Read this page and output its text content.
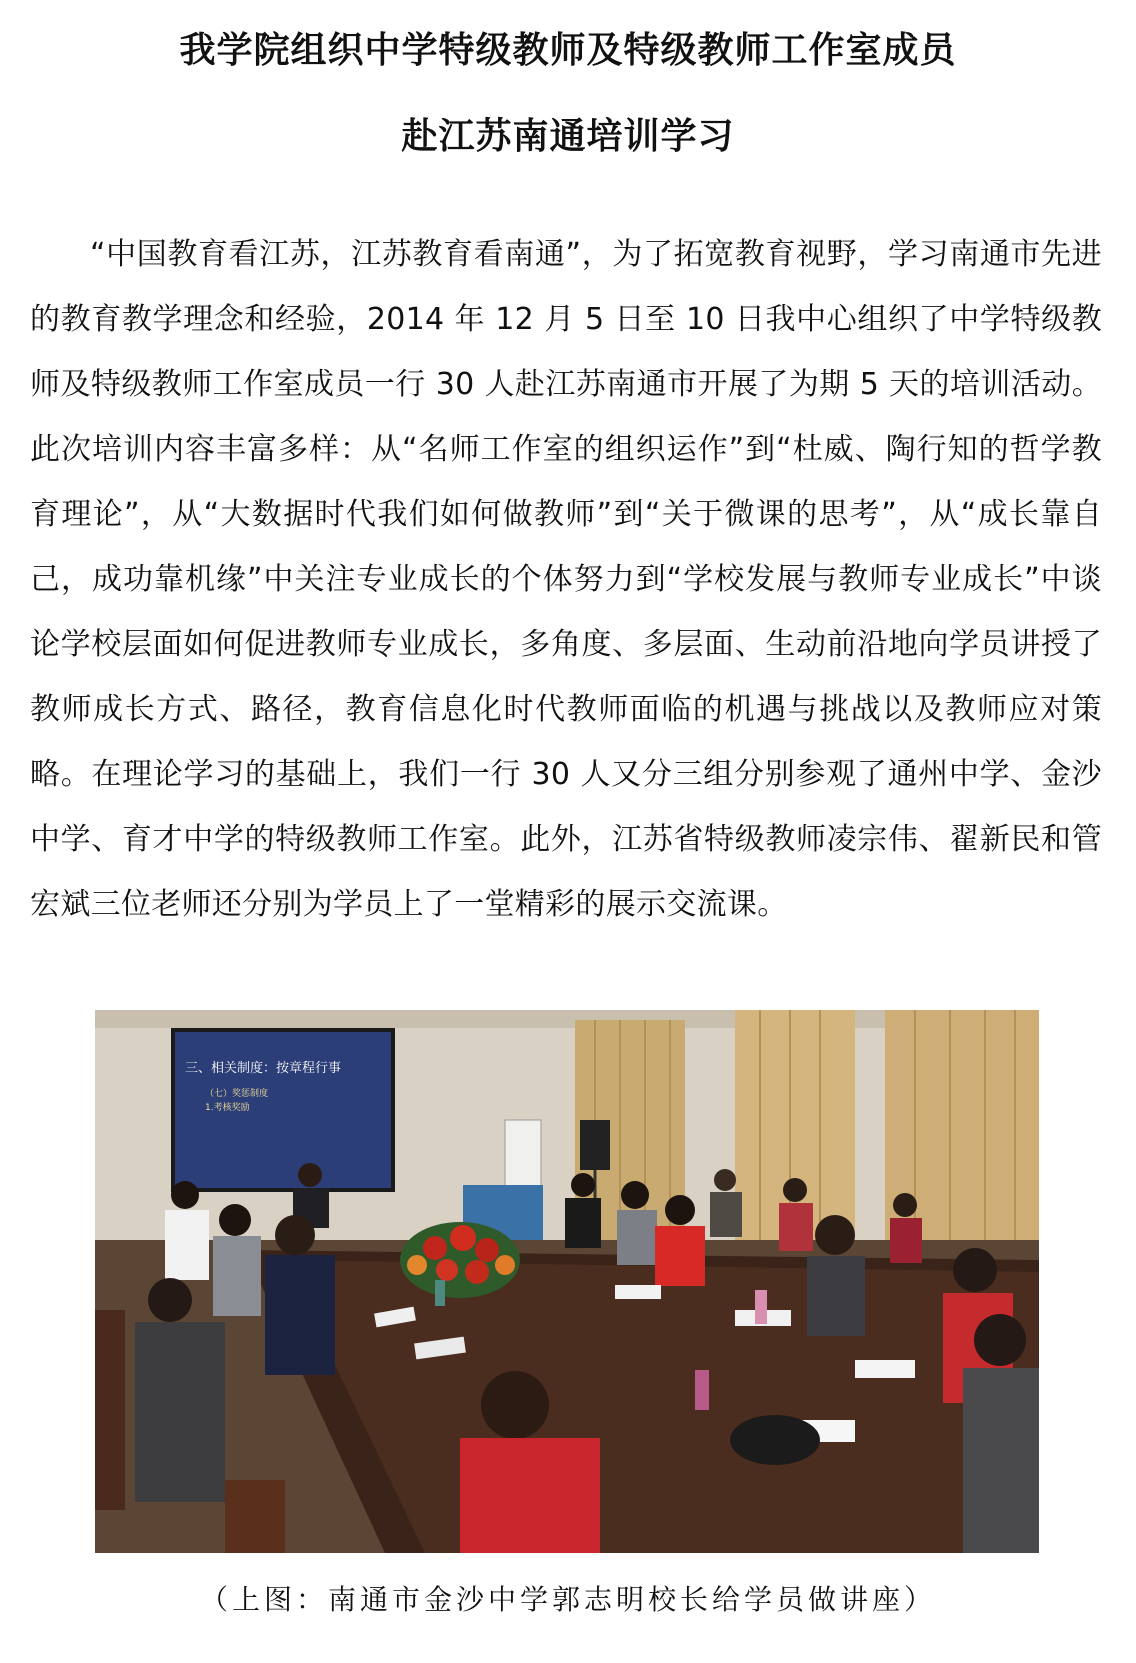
我学院组织中学特级教师及特级教师工作室成员
赴江苏南通培训学习

“中国教育看江苏，江苏教育看南通”，为了拓宽教育视野，学习南通市先进的教育教学理念和经验，2014 年 12 月 5 日至 10 日我中心组织了中学特级教师及特级教师工作室成员一行 30 人赴江苏南通市开展了为期 5 天的培训活动。此次培训内容丰富多样：从“名师工作室的组织运作”到“杜威、陶行知的哲学教育理论”，从“大数据时代我们如何做教师”到“关于微课的思考”，从“成长靠自己，成功靠机缘”中关注专业成长的个体努力到“学校发展与教师专业成长”中谈论学校层面如何促进教师专业成长，多角度、多层面、生动前沿地向学员讲授了教师成长方式、路径，教育信息化时代教师面临的机遇与挑战以及教师应对策略。在理论学习的基础上，我们一行 30 人又分三组分别参观了通州中学、金沙中学、育才中学的特级教师工作室。此外，江苏省特级教师凌宗伟、翟新民和管宏斌三位老师还分别为学员上了一堂精彩的展示交流课。

三、相关制度：按章程行事
（七）奖惩制度
1.考核奖励

（上图：南通市金沙中学郭志明校长给学员做讲座）
